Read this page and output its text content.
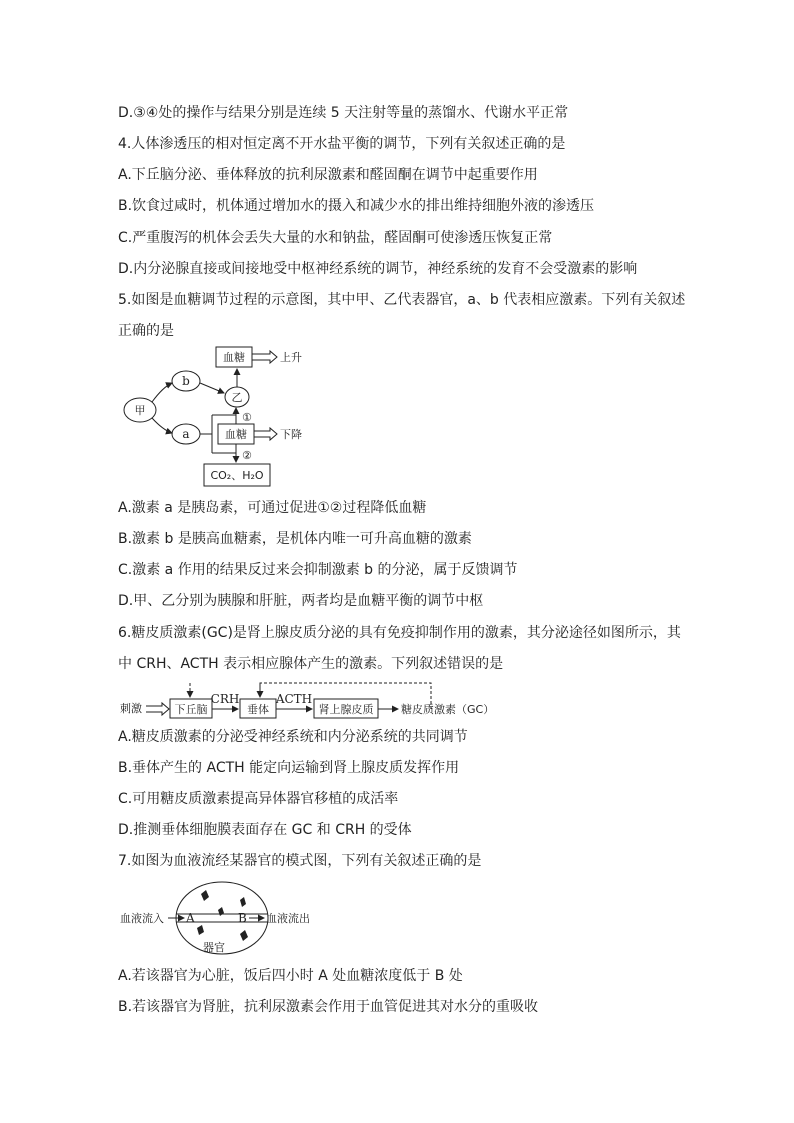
D.③④处的操作与结果分别是连续 5 天注射等量的蒸馏水、代谢水平正常
4.人体渗透压的相对恒定离不开水盐平衡的调节，下列有关叙述正确的是
A.下丘脑分泌、垂体释放的抗利尿激素和醛固酮在调节中起重要作用
B.饮食过咸时，机体通过增加水的摄入和减少水的排出维持细胞外液的渗透压
C.严重腹泻的机体会丢失大量的水和钠盐，醛固酮可使渗透压恢复正常
D.内分泌腺直接或间接地受中枢神经系统的调节，神经系统的发育不会受激素的影响
5.如图是血糖调节过程的示意图，其中甲、乙代表器官，a、b 代表相应激素。下列有关叙述
正确的是
血糖	上升
b
乙
甲
a	血糖
①
下降
②
CO₂、H₂O
A.激素 a 是胰岛素，可通过促进①②过程降低血糖
B.激素 b 是胰高血糖素，是机体内唯一可升高血糖的激素
C.激素 a 作用的结果反过来会抑制激素 b 的分泌，属于反馈调节
D.甲、乙分别为胰腺和肝脏，两者均是血糖平衡的调节中枢
6.糖皮质激素(GC)是肾上腺皮质分泌的具有免疫抑制作用的激素，其分泌途径如图所示，其
中 CRH、ACTH 表示相应腺体产生的激素。下列叙述错误的是
刺激	下丘脑
CRH
垂体
ACTH
肾上腺皮质	糖皮质激素（GC）
A.糖皮质激素的分泌受神经系统和内分泌系统的共同调节
B.垂体产生的 ACTH 能定向运输到肾上腺皮质发挥作用
C.可用糖皮质激素提高异体器官移植的成活率
D.推测垂体细胞膜表面存在 GC 和 CRH 的受体
7.如图为血液流经某器官的模式图，下列有关叙述正确的是
血液流入 A	B 血液流出
器官
A.若该器官为心脏，饭后四小时 A 处血糖浓度低于 B 处
B.若该器官为肾脏，抗利尿激素会作用于血管促进其对水分的重吸收
